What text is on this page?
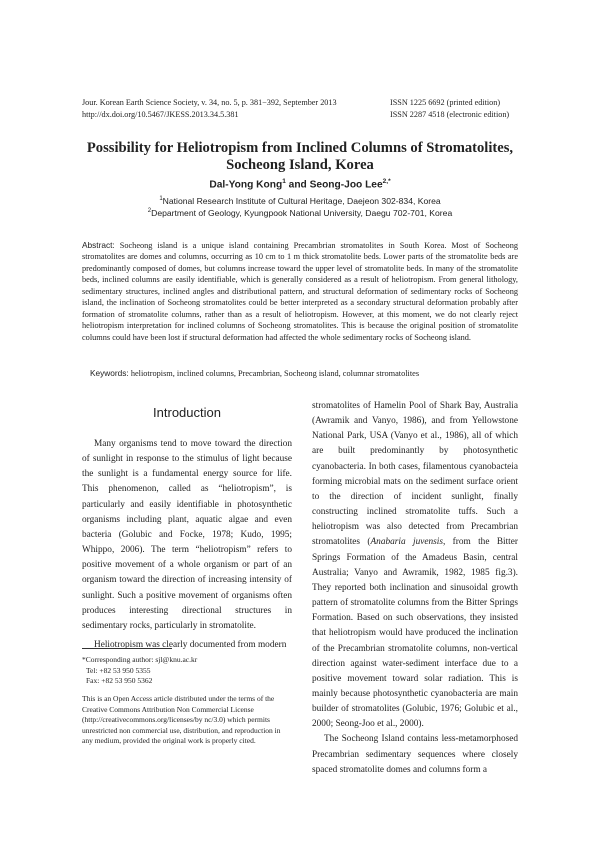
Jour. Korean Earth Science Society, v. 34, no. 5, p. 381−392, September 2013
http://dx.doi.org/10.5467/JKESS.2013.34.5.381
ISSN 1225 6692 (printed edition)
ISSN 2287 4518 (electronic edition)
Possibility for Heliotropism from Inclined Columns of Stromatolites,
Socheong Island, Korea
Dal-Yong Kong$^1$ and Seong-Joo Lee$^{2,*}$
$^1$National Research Institute of Cultural Heritage, Daejeon 302-834, Korea
$^2$Department of Geology, Kyungpook National University, Daegu 702-701, Korea
Abstract: Socheong island is a unique island containing Precambrian stromatolites in South Korea. Most of Socheong stromatolites are domes and columns, occurring as 10 cm to 1 m thick stromatolite beds. Lower parts of the stromatolite beds are predominantly composed of domes, but columns increase toward the upper level of stromatolite beds. In many of the stromatolite beds, inclined columns are easily identifiable, which is generally considered as a result of heliotropism. From general lithology, sedimentary structures, inclined angles and distributional pattern, and structural deformation of sedimentary rocks of Socheong island, the inclination of Socheong stromatolites could be better interpreted as a secondary structural deformation probably after formation of stromatolite columns, rather than as a result of heliotropism. However, at this moment, we do not clearly reject heliotropism interpretation for inclined columns of Socheong stromatolites. This is because the original position of stromatolite columns could have been lost if structural deformation had affected the whole sedimentary rocks of Socheong island.
Keywords: heliotropism, inclined columns, Precambrian, Socheong island, columnar stromatolites
Introduction

Many organisms tend to move toward the direction of sunlight in response to the stimulus of light because the sunlight is a fundamental energy source for life. This phenomenon, called as “heliotropism”, is particularly and easily identifiable in photosynthetic organisms including plant, aquatic algae and even bacteria (Golubic and Focke, 1978; Kudo, 1995; Whippo, 2006). The term “heliotropism” refers to positive movement of a whole organism or part of an organism toward the direction of increasing intensity of sunlight. Such a positive movement of organisms often produces interesting directional structures in sedimentary rocks, particularly in stromatolite.

Heliotropism was clearly documented from modern

stromatolites of Hamelin Pool of Shark Bay, Australia (Awramik and Vanyo, 1986), and from Yellowstone National Park, USA (Vanyo et al., 1986), all of which are built predominantly by photosynthetic cyanobacteria. In both cases, filamentous cyanobacteia forming microbial mats on the sediment surface orient to the direction of incident sunlight, finally constructing inclined stromatolite tuffs. Such a heliotropism was also detected from Precambrian stromatolites (Anabaria juvensis, from the Bitter Springs Formation of the Amadeus Basin, central Australia; Vanyo and Awramik, 1982, 1985 fig.3). They reported both inclination and sinusoidal growth pattern of stromatolite columns from the Bitter Springs Formation. Based on such observations, they insisted that heliotropism would have produced the inclination of the Precambrian stromatolite columns, non-vertical direction against water-sediment interface due to a positive movement toward solar radiation. This is mainly because photosynthetic cyanobacteria are main builder of stromatolites (Golubic, 1976; Golubic et al., 2000; Seong-Joo et al., 2000).

The Socheong Island contains less-metamorphosed Precambrian sedimentary sequences where closely spaced stromatolite domes and columns form a

*Corresponding author: sjl@knu.ac.kr
Tel: +82 53 950 5355
Fax: +82 53 950 5362
This is an Open Access article distributed under the terms of the Creative Commons Attribution Non Commercial License (http://creativecommons.org/licenses/by nc/3.0) which permits unrestricted non commercial use, distribution, and reproduction in any medium, provided the original work is properly cited.
